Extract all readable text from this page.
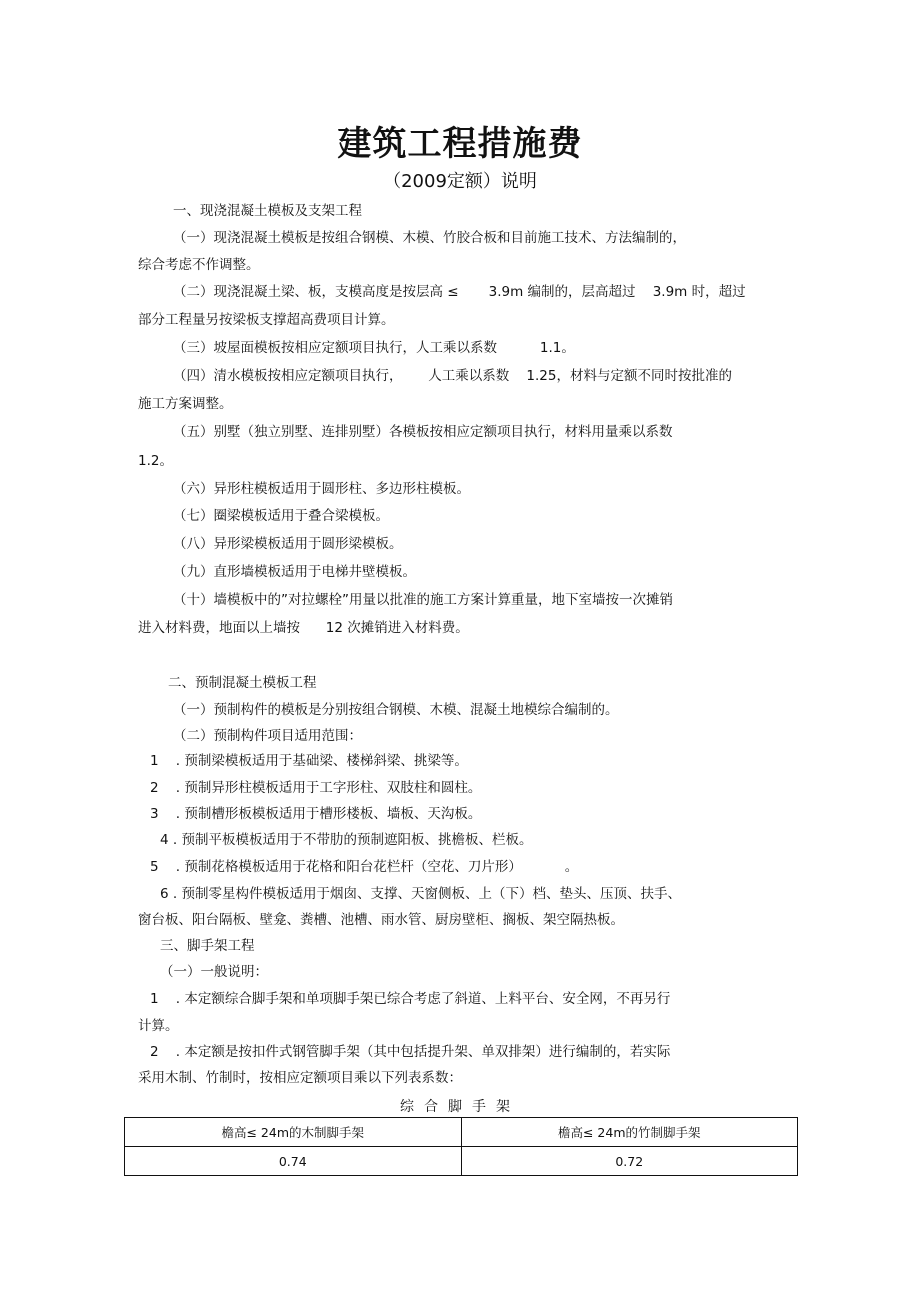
建筑工程措施费
（2009定额）说明
一、现浇混凝土模板及支架工程
（一）现浇混凝土模板是按组合钢模、木模、竹胶合板和目前施工技术、方法编制的，
综合考虑不作调整。
（二）现浇混凝土梁、板，支模高度是按层高 ≤       3.9m 编制的，层高超过    3.9m 时，超过
部分工程量另按梁板支撑超高费项目计算。
（三）坡屋面模板按相应定额项目执行，人工乘以系数          1.1。
（四）清水模板按相应定额项目执行，      人工乘以系数    1.25，材料与定额不同时按批准的
施工方案调整。
（五）别墅（独立别墅、连排别墅）各模板按相应定额项目执行，材料用量乘以系数
1.2。
（六）异形柱模板适用于圆形柱、多边形柱模板。
（七）圈梁模板适用于叠合梁模板。
（八）异形梁模板适用于圆形梁模板。
（九）直形墙模板适用于电梯井壁模板。
（十）墙模板中的”对拉螺栓”用量以批准的施工方案计算重量，地下室墙按一次摊销
进入材料费，地面以上墙按      12 次摊销进入材料费。
二、预制混凝土模板工程
（一）预制构件的模板是分别按组合钢模、木模、混凝土地模综合编制的。
（二）预制构件项目适用范围：
1    . 预制梁模板适用于基础梁、楼梯斜梁、挑梁等。
2    . 预制异形柱模板适用于工字形柱、双肢柱和圆柱。
3    . 预制槽形板模板适用于槽形楼板、墙板、天沟板。
4 . 预制平板模板适用于不带肋的预制遮阳板、挑檐板、栏板。
5    . 预制花格模板适用于花格和阳台花栏杆（空花、刀片形）          。
6 . 预制零星构件模板适用于烟囱、支撑、天窗侧板、上（下）档、垫头、压顶、扶手、
窗台板、阳台隔板、壁龛、粪槽、池槽、雨水管、厨房壁柜、搁板、架空隔热板。
三、脚手架工程
（一）一般说明：
1    . 本定额综合脚手架和单项脚手架已综合考虑了斜道、上料平台、安全网，不再另行
计算。
2    . 本定额是按扣件式钢管脚手架（其中包括提升架、单双排架）进行编制的，若实际
采用木制、竹制时，按相应定额项目乘以下列表系数：
综合脚手架
檐高≤ 24m的木制脚手架	檐高≤ 24m的竹制脚手架
0.74	0.72
